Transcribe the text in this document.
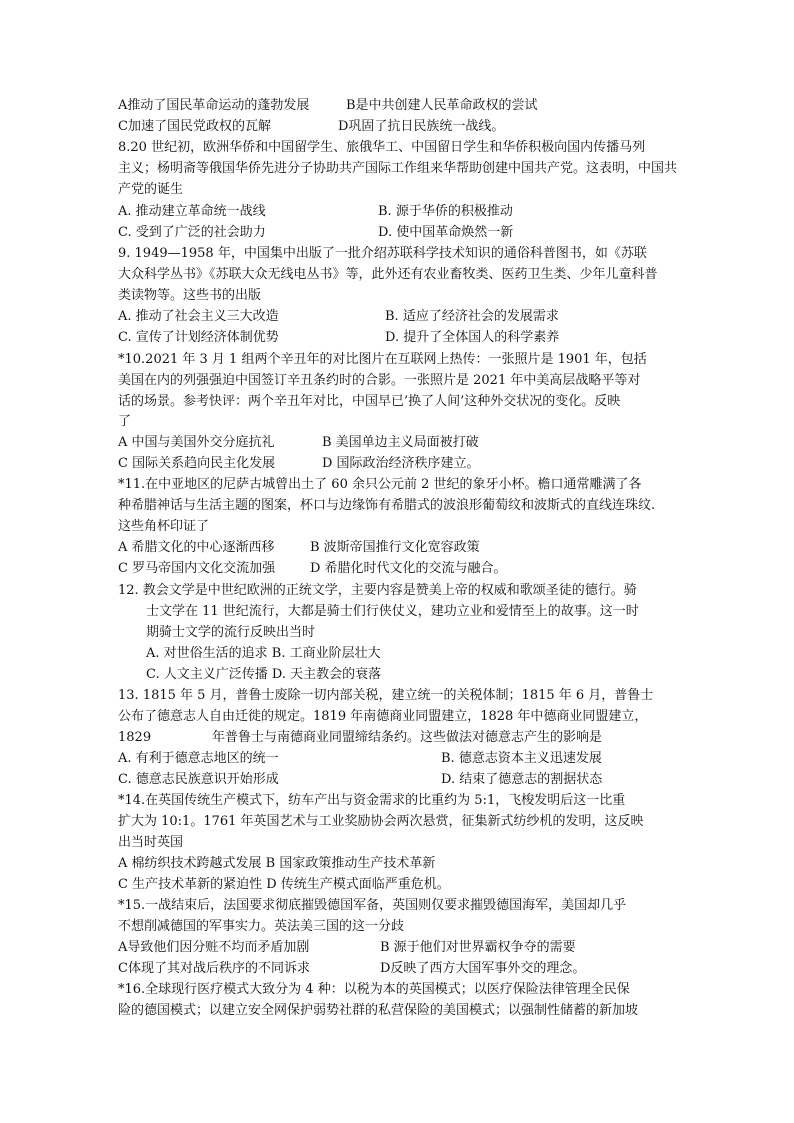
A推动了国民革命运动的蓬勃发展	B是中共创建人民革命政权的尝试
C加速了国民党政权的瓦解	D巩固了抗日民族统一战线。
8.20 世纪初，欧洲华侨和中国留学生、旅俄华工、中国留日学生和华侨积极向国内传播马列
主义；杨明斋等俄国华侨先进分子协助共产国际工作组来华帮助创建中国共产党。这表明，中国共
产党的诞生
A. 推动建立革命统一战线	B. 源于华侨的积极推动
C. 受到了广泛的社会助力	D. 使中国革命焕然一新
9. 1949—1958 年，中国集中出版了一批介绍苏联科学技术知识的通俗科普图书，如《苏联
大众科学丛书》《苏联大众无线电丛书》等，此外还有农业畜牧类、医药卫生类、少年儿童科普
类读物等。这些书的出版
A. 推动了社会主义三大改造	B. 适应了经济社会的发展需求
C. 宣传了计划经济体制优势	D. 提升了全体国人的科学素养
*10.2021 年 3 月 1 组两个辛丑年的对比图片在互联网上热传：一张照片是 1901 年，包括
美国在内的列强强迫中国签订辛丑条约时的合影。一张照片是 2021 年中美高层战略平等对
话的场景。参考快评：两个辛丑年对比，中国早已’换了人间’这种外交状况的变化。反映
了
A 中国与美国外交分庭抗礼	B 美国单边主义局面被打破
C 国际关系趋向民主化发展	D 国际政治经济秩序建立。
*11.在中亚地区的尼萨古城曾出土了 60 余只公元前 2 世纪的象牙小杯。檐口通常雕满了各
种希腊神话与生活主题的图案，杯口与边缘饰有希腊式的波浪形葡萄纹和波斯式的直线连珠纹.
这些角杯印证了
A 希腊文化的中心逐渐西移	B 波斯帝国推行文化宽容政策
C 罗马帝国内文化交流加强	D 希腊化时代文化的交流与融合。
12. 教会文学是中世纪欧洲的正统文学，主要内容是赞美上帝的权威和歌颂圣徒的德行。骑
士文学在 11 世纪流行，大都是骑士们行侠仗义，建功立业和爱情至上的故事。这一时
期骑士文学的流行反映出当时
A. 对世俗生活的追求 B. 工商业阶层壮大
C. 人文主义广泛传播 D. 天主教会的衰落
13. 1815 年 5 月，普鲁士废除一切内部关税，建立统一的关税体制；1815 年 6 月，普鲁士
公布了德意志人自由迁徙的规定。1819 年南德商业同盟建立，1828 年中德商业同盟建立，
1829	年普鲁士与南德商业同盟缔结条约。这些做法对德意志产生的影响是
A. 有利于德意志地区的统一	B. 德意志资本主义迅速发展
C. 德意志民族意识开始形成	D. 结束了德意志的割据状态
*14.在英国传统生产模式下，纺车产出与资金需求的比重约为 5:1，飞梭发明后这一比重
扩大为 10:1。1761 年英国艺术与工业奖励协会两次悬赏，征集新式纺纱机的发明，这反映
出当时英国
A 棉纺织技术跨越式发展 B 国家政策推动生产技术革新
C 生产技术革新的紧迫性 D 传统生产模式面临严重危机。
*15.一战结束后，法国要求彻底摧毁德国军备，英国则仅要求摧毁德国海军，美国却几乎
不想削减德国的军事实力。英法美三国的这一分歧
A导致他们因分赃不均而矛盾加剧	B 源于他们对世界霸权争夺的需要
C体现了其对战后秩序的不同诉求	D反映了西方大国军事外交的理念。
*16.全球现行医疗模式大致分为 4 种：以税为本的英国模式；以医疗保险法律管理全民保
险的德国模式；以建立安全网保护弱势社群的私营保险的美国模式；以强制性储蓄的新加坡
